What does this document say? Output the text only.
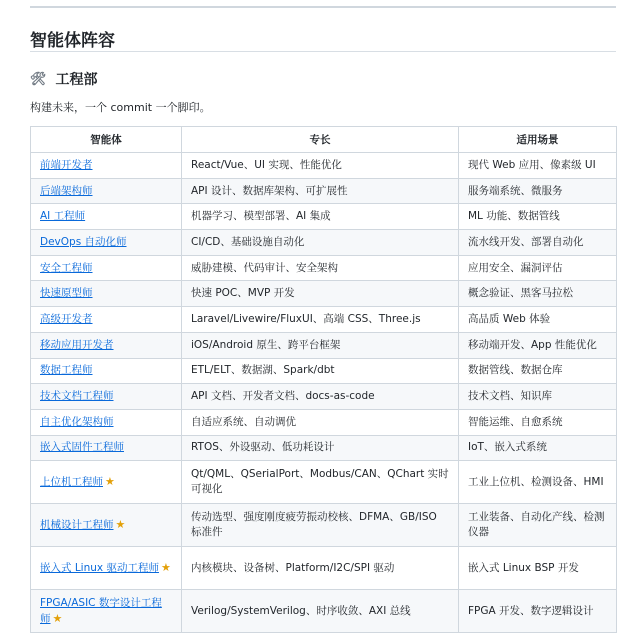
智能体阵容
🛠 工程部

构建未来，一个 commit 一个脚印。

智能体	专长	适用场景
前端开发者	React/Vue、UI 实现、性能优化	现代 Web 应用、像素级 UI
后端架构师	API 设计、数据库架构、可扩展性	服务端系统、微服务
AI 工程师	机器学习、模型部署、AI 集成	ML 功能、数据管线
DevOps 自动化师	CI/CD、基础设施自动化	流水线开发、部署自动化
安全工程师	威胁建模、代码审计、安全架构	应用安全、漏洞评估
快速原型师	快速 POC、MVP 开发	概念验证、黑客马拉松
高级开发者	Laravel/Livewire/FluxUI、高端 CSS、Three.js	高品质 Web 体验
移动应用开发者	iOS/Android 原生、跨平台框架	移动端开发、App 性能优化
数据工程师	ETL/ELT、数据湖、Spark/dbt	数据管线、数据仓库
技术文档工程师	API 文档、开发者文档、docs-as-code	技术文档、知识库
自主优化架构师	自适应系统、自动调优	智能运维、自愈系统
嵌入式固件工程师	RTOS、外设驱动、低功耗设计	IoT、嵌入式系统
上位机工程师 ★	Qt/QML、QSerialPort、Modbus/CAN、QChart 实时可视化	工业上位机、检测设备、HMI
机械设计工程师 ★	传动选型、强度刚度疲劳振动校核、DFMA、GB/ISO 标准件	工业装备、自动化产线、检测仪器
嵌入式 Linux 驱动工程师 ★	内核模块、设备树、Platform/I2C/SPI 驱动	嵌入式 Linux BSP 开发
FPGA/ASIC 数字设计工程师 ★	Verilog/SystemVerilog、时序收敛、AXI 总线	FPGA 开发、数字逻辑设计
